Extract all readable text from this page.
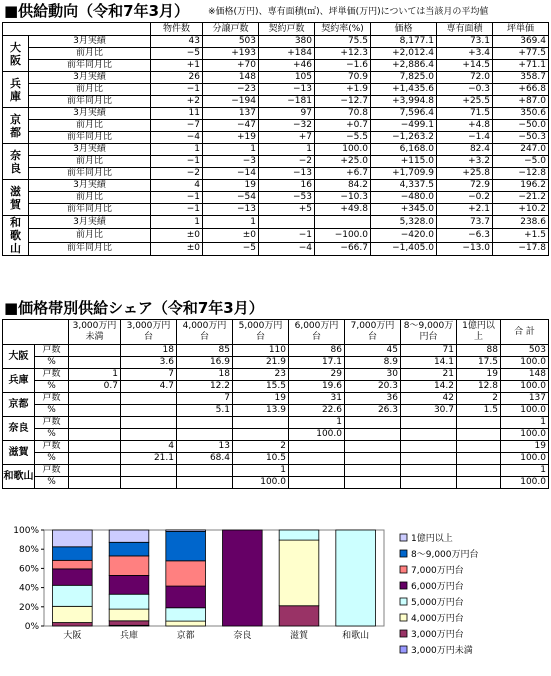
■供給動向（令和7年3月） ※価格(万円)、専有面積(㎡)、坪単価(万円)については当該月の平均値
		物件数	分譲戸数	契約戸数	契約率(%)	価格	専有面積	坪単価
大
阪	3月実績	43	503	380	75.5	8,177.1	73.1	369.4
	前月比	−5	+193	+184	+12.3	+2,012.4	+3.4	+77.5
	前年同月比	+1	+70	+46	−1.6	+2,886.4	+14.5	+71.1
兵
庫	3月実績	26	148	105	70.9	7,825.0	72.0	358.7
	前月比	−1	−23	−13	+1.9	+1,435.6	−0.3	+66.8
	前年同月比	+2	−194	−181	−12.7	+3,994.8	+25.5	+87.0
京
都	3月実績	11	137	97	70.8	7,596.4	71.5	350.6
	前月比	−7	−47	−32	+0.7	−499.1	+4.8	−50.0
	前年同月比	−4	+19	+7	−5.5	−1,263.2	−1.4	−50.3
奈
良	3月実績	1	1	1	100.0	6,168.0	82.4	247.0
	前月比	−1	−3	−2	+25.0	+115.0	+3.2	−5.0
	前年同月比	−2	−14	−13	+6.7	+1,709.9	+25.8	−12.8
滋
賀	3月実績	4	19	16	84.2	4,337.5	72.9	196.2
	前月比	−1	−54	−53	−10.3	−480.0	−0.2	−21.2
	前年同月比	−1	−13	+5	+49.8	+345.0	+2.1	+10.2
和
歌
山	3月実績	1	1			5,328.0	73.7	238.6
	前月比	±0	±0	−1	−100.0	−420.0	−6.3	+1.5
	前年同月比	±0	−5	−4	−66.7	−1,405.0	−13.0	−17.8
■価格帯別供給シェア（令和7年3月）
		3,000万円未満	3,000万円台	4,000万円台	5,000万円台	6,000万円台	7,000万円台	8～9,000万円台	1億円以上	合 計
大阪	戸数		18	85	110	86	45	71	88	503
	%		3.6	16.9	21.9	17.1	8.9	14.1	17.5	100.0
兵庫	戸数	1	7	18	23	29	30	21	19	148
	%	0.7	4.7	12.2	15.5	19.6	20.3	14.2	12.8	100.0
京都	戸数			7	19	31	36	42	2	137
	%			5.1	13.9	22.6	26.3	30.7	1.5	100.0
奈良	戸数					1				1
	%					100.0				100.0
滋賀	戸数		4	13	2					19
	%		21.1	68.4	10.5					100.0
和歌山	戸数				1					1
	%				100.0					100.0
0%
20%
40%
60%
80%
100%
大阪	兵庫	京都	奈良	滋賀	和歌山
1億円以上
8～9,000万円台
7,000万円台
6,000万円台
5,000万円台
4,000万円台
3,000万円台
3,000万円未満
